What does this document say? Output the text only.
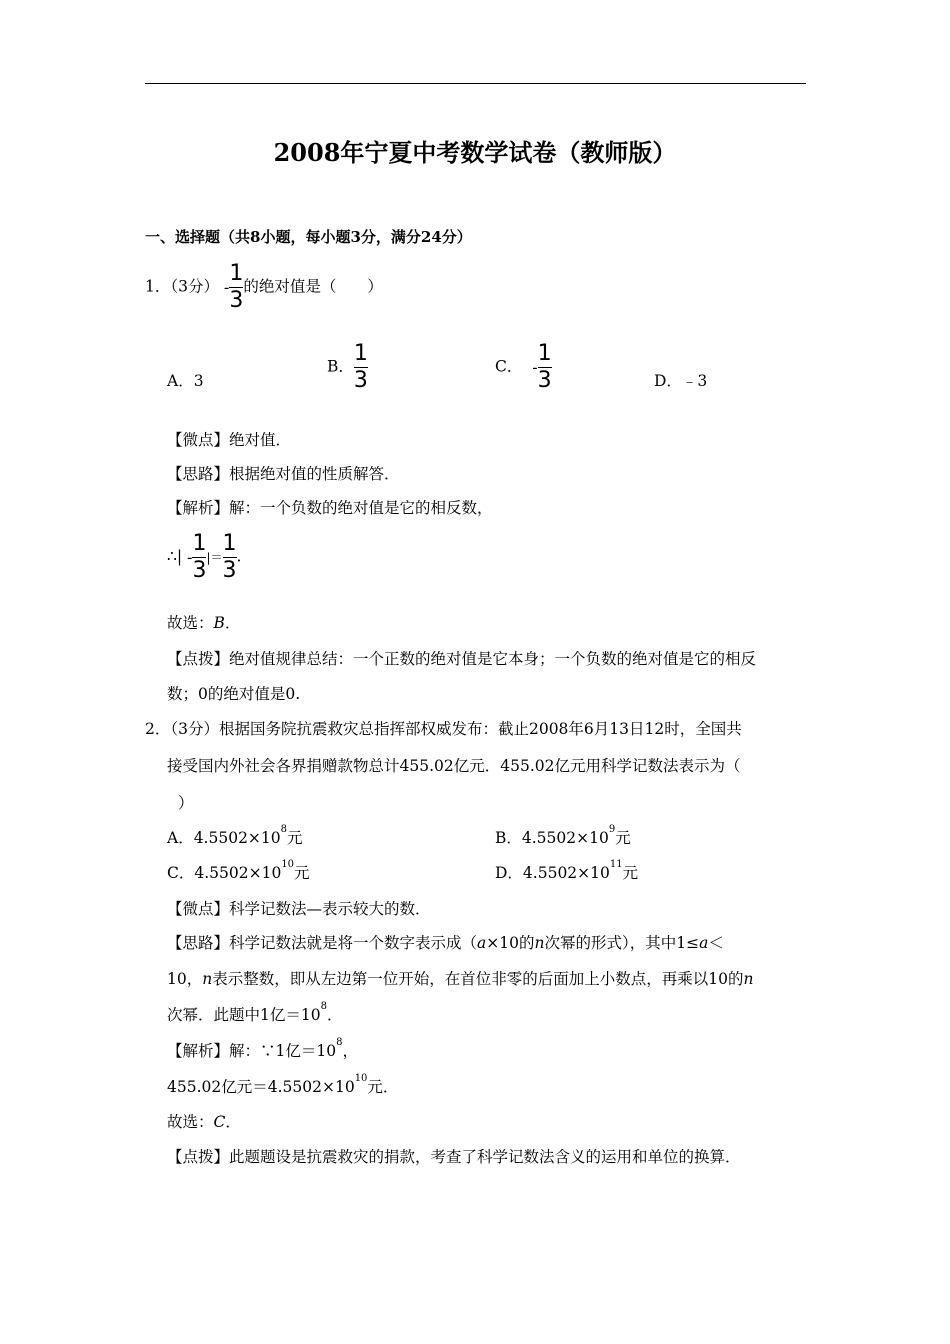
2008年宁夏中考数学试卷（教师版）
一、选择题（共8小题，每小题3分，满分24分）
1．（3分） - $\frac{1}{3}$ 的绝对值是（　　）
A．3
B． $\frac{1}{3}$	C． - $\frac{1}{3}$	D．﹣3
【微点】绝对值．
【思路】根据绝对值的性质解答．
【解析】解：一个负数的绝对值是它的相反数，
∴| - $\frac{1}{3}$ |＝ $\frac{1}{3}$ .
故选：B．
【点拨】绝对值规律总结：一个正数的绝对值是它本身；一个负数的绝对值是它的相反
数；0的绝对值是0.
2．（3分）根据国务院抗震救灾总指挥部权威发布：截止2008年6月13日12时，全国共
接受国内外社会各界捐赠款物总计455.02亿元．455.02亿元用科学记数法表示为（
）
A．$4.5502\times 10^8$元	B．$4.5502\times 10^9$元
C．$4.5502\times 10^{10}$元	D．$4.5502\times 10^{11}$元
【微点】科学记数法—表示较大的数．
【思路】科学记数法就是将一个数字表示成（a×10的n次幂的形式），其中1≤a＜
10，n表示整数，即从左边第一位开始，在首位非零的后面加上小数点，再乘以10的n
次幂．此题中1亿$=10^8$．
【解析】解：∵1亿$=10^8$，
455.02亿元$=4.5502\times 10^{10}$元．
故选：C．
【点拨】此题题设是抗震救灾的捐款，考查了科学记数法含义的运用和单位的换算．
